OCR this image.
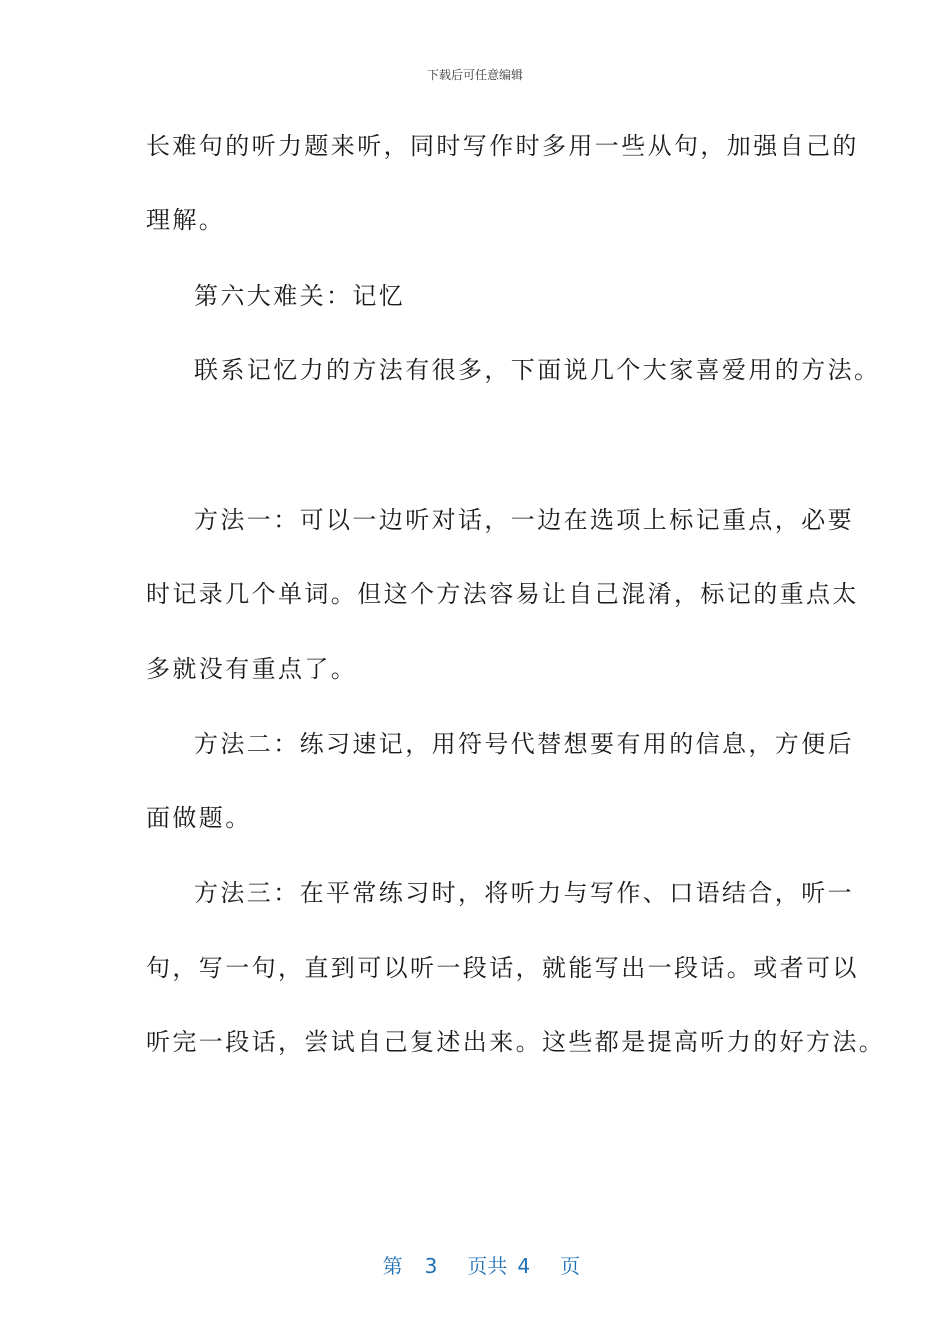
下载后可任意编辑
长难句的听力题来听，同时写作时多用一些从句，加强自己的
理解。
第六大难关：记忆
联系记忆力的方法有很多，下面说几个大家喜爱用的方法。
方法一：可以一边听对话，一边在选项上标记重点，必要
时记录几个单词。但这个方法容易让自己混淆，标记的重点太
多就没有重点了。
方法二：练习速记，用符号代替想要有用的信息，方便后
面做题。
方法三：在平常练习时，将听力与写作、口语结合，听一
句，写一句，直到可以听一段话，就能写出一段话。或者可以
听完一段话，尝试自己复述出来。这些都是提高听力的好方法。

第 3 页共 4 页
